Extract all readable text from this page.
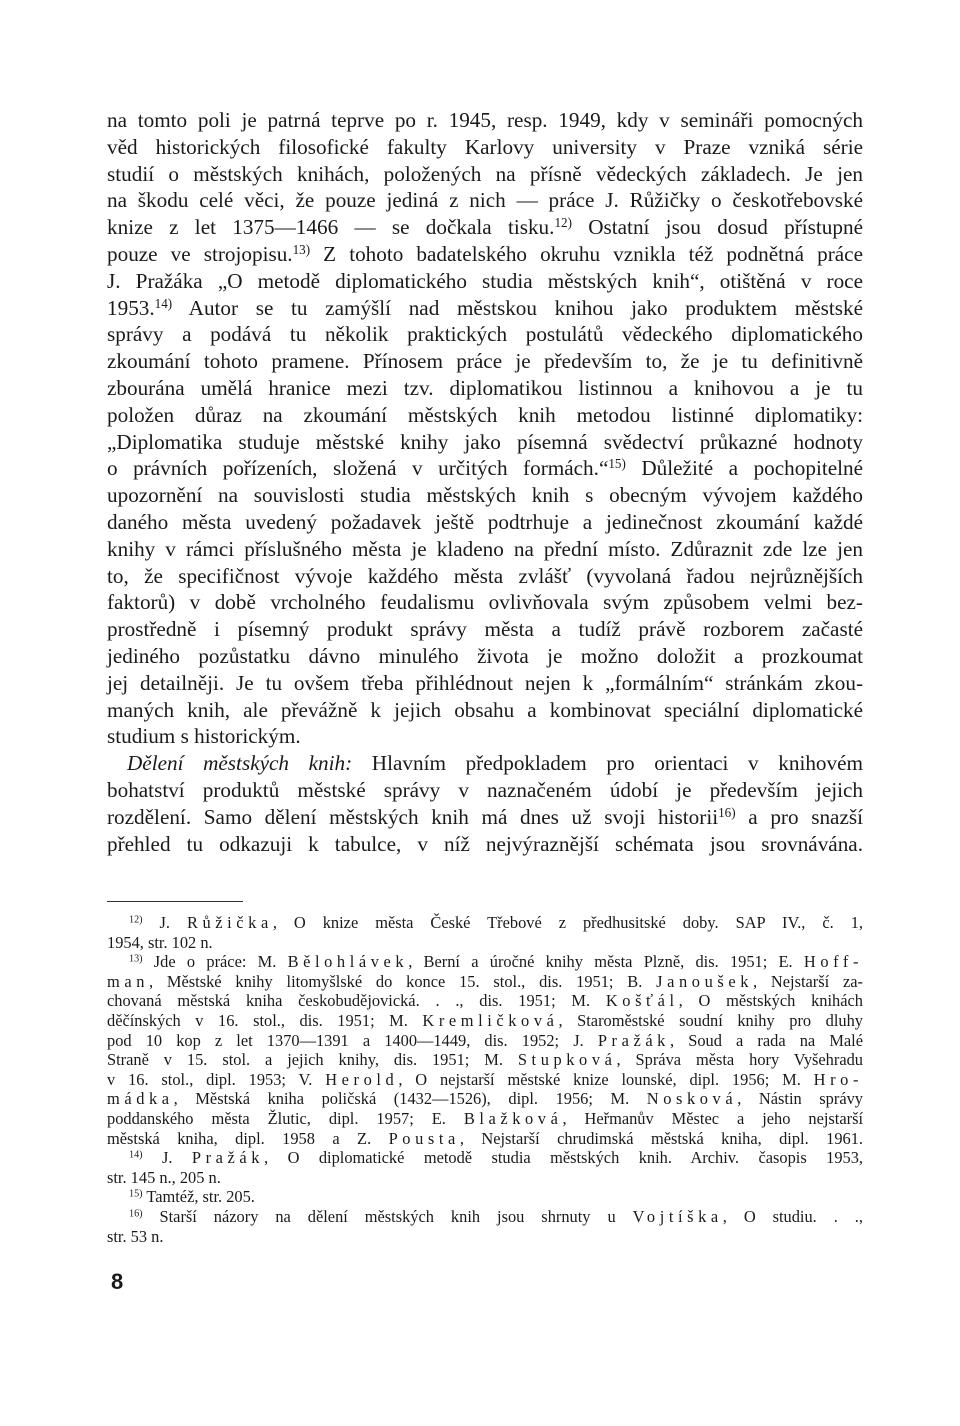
na tomto poli je patrná teprve po r. 1945, resp. 1949, kdy v semináři pomocných
věd historických filosofické fakulty Karlovy university v Praze vzniká série
studií o městských knihách, položených na přísně vědeckých základech. Je jen
na škodu celé věci, že pouze jediná z nich — práce J. Růžičky o českotřebovské
knize z let 1375—1466 — se dočkala tisku.$^{12)}$ Ostatní jsou dosud přístupné
pouze ve strojopisu.$^{13)}$ Z tohoto badatelského okruhu vznikla též podnětná práce
J. Pražáka „O metodě diplomatického studia městských knih“, otištěná v roce
1953.$^{14)}$ Autor se tu zamýšlí nad městskou knihou jako produktem městské
správy a podává tu několik praktických postulátů vědeckého diplomatického
zkoumání tohoto pramene. Přínosem práce je především to, že je tu definitivně
zbourána umělá hranice mezi tzv. diplomatikou listinnou a knihovou a je tu
položen důraz na zkoumání městských knih metodou listinné diplomatiky:
„Diplomatika studuje městské knihy jako písemná svědectví průkazné hodnoty
o právních pořízeních, složená v určitých formách.“$^{15)}$ Důležité a pochopitelné
upozornění na souvislosti studia městských knih s obecným vývojem každého
daného města uvedený požadavek ještě podtrhuje a jedinečnost zkoumání každé
knihy v rámci příslušného města je kladeno na přední místo. Zdůraznit zde lze jen
to, že specifičnost vývoje každého města zvlášť (vyvolaná řadou nejrůznějších
faktorů) v době vrcholného feudalismu ovlivňovala svým způsobem velmi bez-
prostředně i písemný produkt správy města a tudíž právě rozborem začasté
jediného pozůstatku dávno minulého života je možno doložit a prozkoumat
jej detailněji. Je tu ovšem třeba přihlédnout nejen k „formálním“ stránkám zkou-
maných knih, ale převážně k jejich obsahu a kombinovat speciální diplomatické
studium s historickým.
Dělení městských knih: Hlavním předpokladem pro orientaci v knihovém
bohatství produktů městské správy v naznačeném údobí je především jejich
rozdělení. Samo dělení městských knih má dnes už svoji historii$^{16)}$ a pro snazší
přehled tu odkazuji k tabulce, v níž nejvýraznější schémata jsou srovnávána.
$^{12)}$ J. Růžička, O knize města České Třebové z předhusitské doby. SAP IV., č. 1,
1954, str. 102 n.
$^{13)}$ Jde o práce: M. Bělohlávek, Berní a úročné knihy města Plzně, dis. 1951; E. Hoff-
man, Městské knihy litomyšlské do konce 15. stol., dis. 1951; B. Janoušek, Nejstarší za-
chovaná městská kniha českobudějovická. . ., dis. 1951; M. Košťál, O městských knihách
děčínských v 16. stol., dis. 1951; M. Kremličková, Staroměstské soudní knihy pro dluhy
pod 10 kop z let 1370—1391 a 1400—1449, dis. 1952; J. Pražák, Soud a rada na Malé
Straně v 15. stol. a jejich knihy, dis. 1951; M. Stupková, Správa města hory Vyšehradu
v 16. stol., dipl. 1953; V. Herold, O nejstarší městské knize lounské, dipl. 1956; M. Hro-
mádka, Městská kniha poličská (1432—1526), dipl. 1956; M. Nosková, Nástin správy
poddanského města Žlutic, dipl. 1957; E. Blažková, Heřmanův Městec a jeho nejstarší
městská kniha, dipl. 1958 a Z. Pousta, Nejstarší chrudimská městská kniha, dipl. 1961.
$^{14)}$ J. Pražák, O diplomatické metodě studia městských knih. Archiv. časopis 1953,
str. 145 n., 205 n.
$^{15)}$ Tamtéž, str. 205.
$^{16)}$ Starší názory na dělení městských knih jsou shrnuty u Vojtíška, O studiu. . .,
str. 53 n.
8
